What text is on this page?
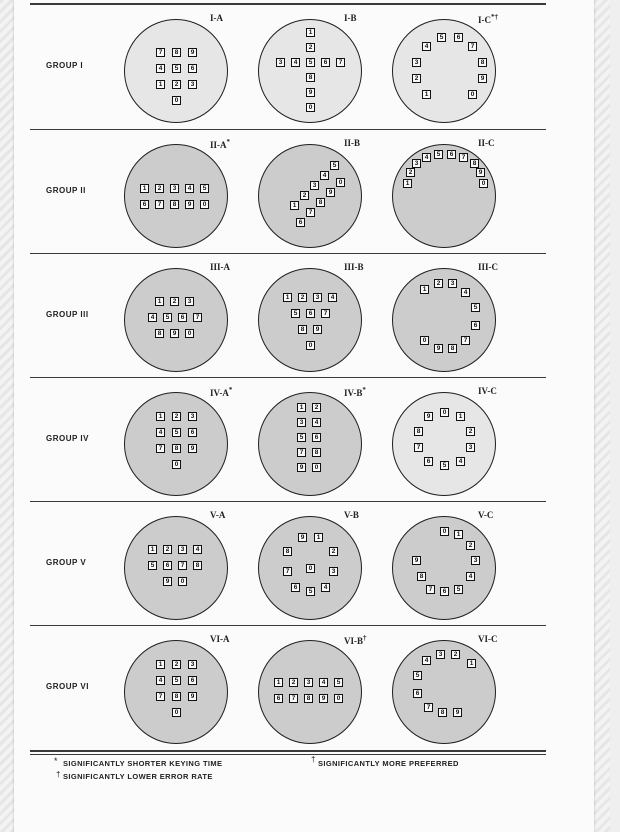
GROUP I
I-A
7	8	9
4	5	6
1	2	3
0
I-B
1
2
3	4	5	6	7
8
9
0
I-C*†
4
5	6
7
3	8
2	9
1	0
GROUP II
II-A*
1	2	3	4	5
6	7	8	9	0
II-B
5
4
0
3
9
2
8
1
7
6
II-C
3
4	5	6	7
8
2	9
1	0
GROUP III
III-A
1	2	3
4	5	6	7
8	9	0
III-B
1	2	3	4
5	6	7
8	9
0
III-C
2	3
1	4
5
6
7
0
9	8
GROUP IV
IV-A*
1	2	3
4	5	6
7	8	9
0
IV-B*
1	2
3	4
5	6
7	8
9	0
IV-C
9
0
1
8	2
7	3
6
5
4
GROUP V
V-A
1	2	3	4
5	6	7	8
9	0
V-B
9	1
8	2
7	0	3
6
5
4
V-C
0	1
2
3
9
4
8
7	6	5
GROUP VI
VI-A
1	2	3
4	5	6
7	8	9
0
VI-B†
1	2	3	4	5
6	7	8	9	0
VI-C
4
3	2
1
5
6
7
8	9
* SIGNIFICANTLY SHORTER KEYING TIME
† SIGNIFICANTLY LOWER ERROR RATE
† SIGNIFICANTLY MORE PREFERRED
